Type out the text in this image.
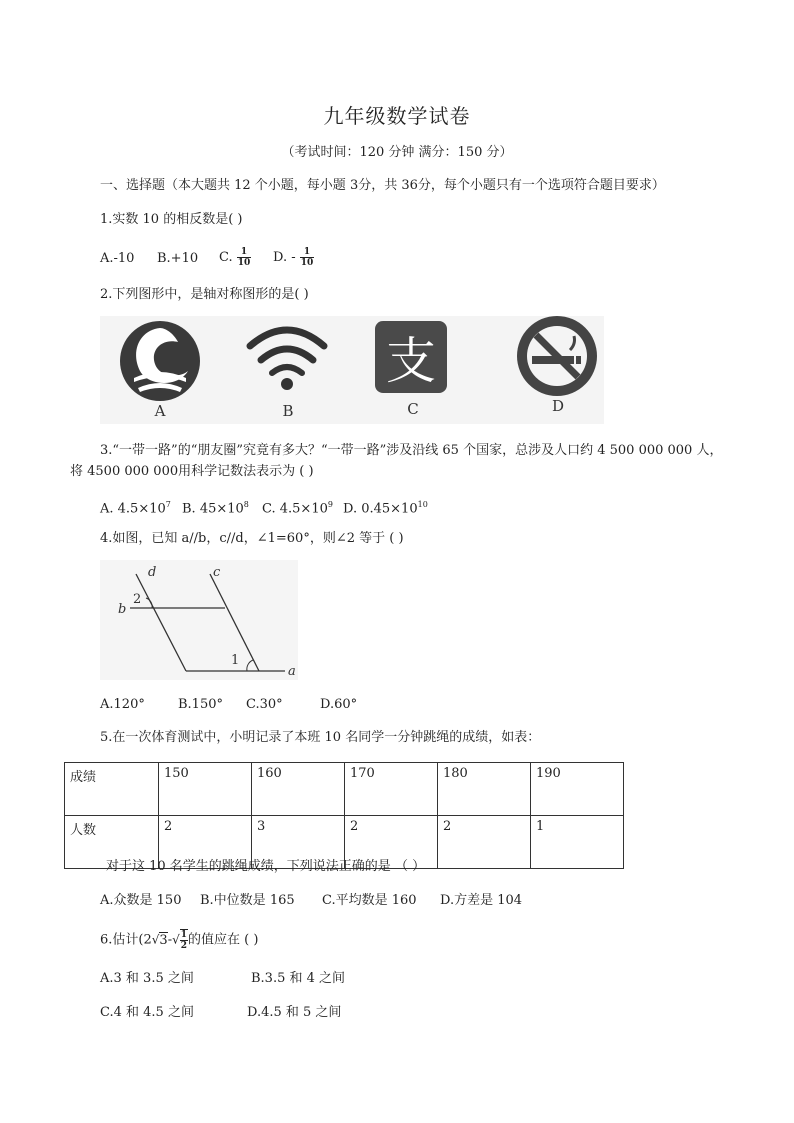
九年级数学试卷
（考试时间：120 分钟 满分：150 分）
一、选择题（本大题共 12 个小题，每小题 3分，共 36分，每个小题只有一个选项符合题目要求）
1.实数 10 的相反数是( )
A.-10 B.+10 C. $\frac{1}{10} D$. - $\frac{1}{10}$
2.下列图形中，是轴对称图形的是( )
支
A	B	C	D
3.“一带一路”的“朋友圈”究竟有多大？“一带一路”涉及沿线 65 个国家，总涉及人口约 4 500 000 000 人，
将 4500 000 000用科学记数法表示为 ( )
A. $4.5\times 10^7$ B. $45\times 10^8$ C. $4.5\times 10^9$ D. $0.45\times 10^{10}$
4.如图，已知 a//b，c//d，∠1=60°，则∠2 等于 ( )
d	c
b
a
2
1
A.120°	B.150° C.30°	D.60°
5.在一次体育测试中，小明记录了本班 10 名同学一分钟跳绳的成绩，如表：
成绩	150	160	170	180	190
人数	2	3	2	2	1
对于这 10 名学生的跳绳成绩，下列说法正确的是 （ ）
A.众数是 150 B.中位数是 165 C.平均数是 160 D.方差是 104
6.估计($2√3-√ \frac{1}{2}$ 的值应在 ( )
A.3 和 3.5 之间	B.3.5 和 4 之间
C.4 和 4.5 之间	D.4.5 和 5 之间
